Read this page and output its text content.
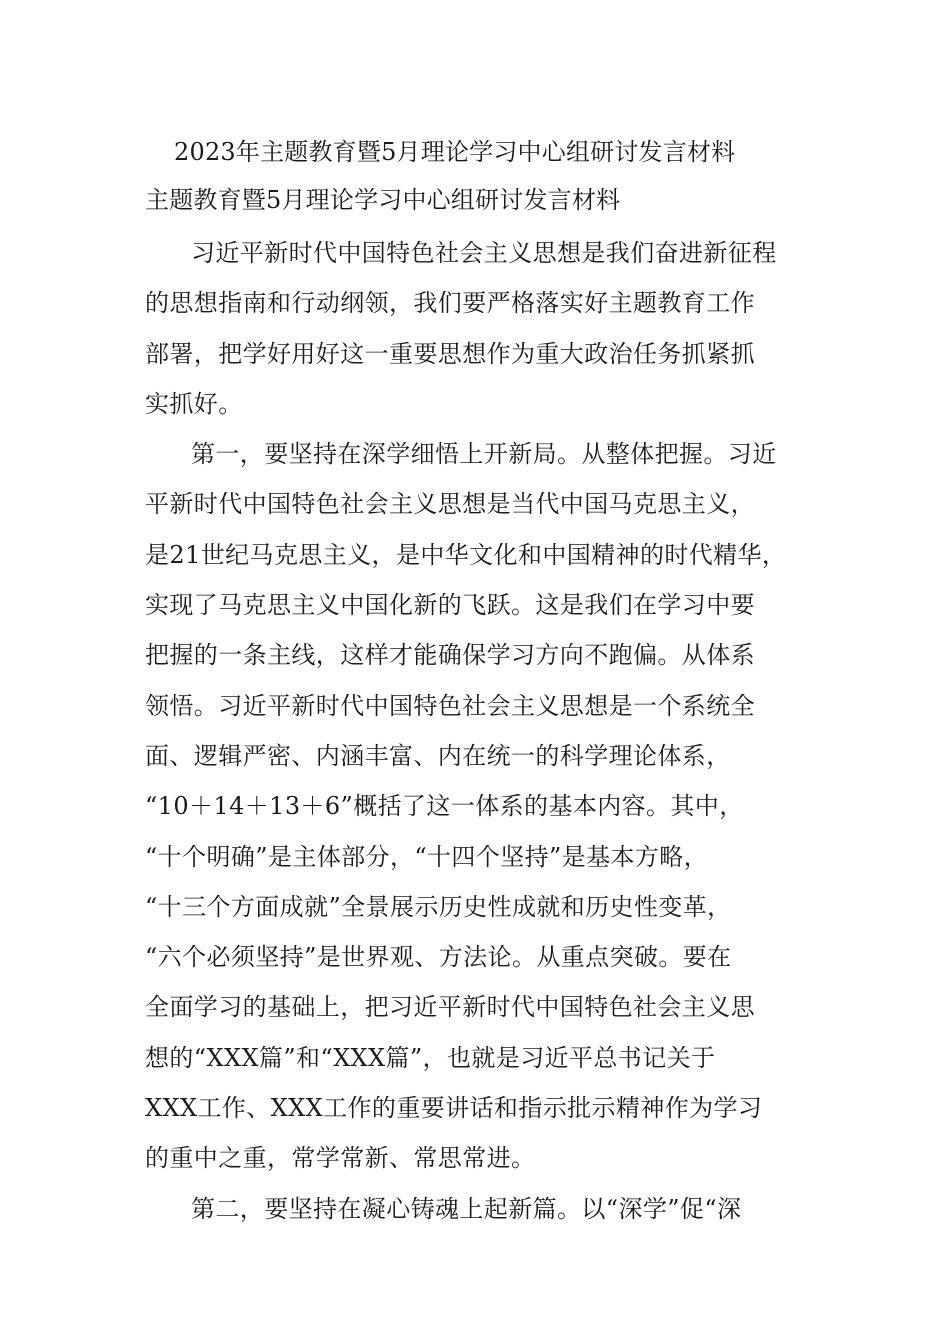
2023年主题教育暨5月理论学习中心组研讨发言材料
主题教育暨5月理论学习中心组研讨发言材料
习近平新时代中国特色社会主义思想是我们奋进新征程
的思想指南和行动纲领，我们要严格落实好主题教育工作
部署，把学好用好这一重要思想作为重大政治任务抓紧抓
实抓好。
第一，要坚持在深学细悟上开新局。从整体把握。习近
平新时代中国特色社会主义思想是当代中国马克思主义，
是21世纪马克思主义，是中华文化和中国精神的时代精华，
实现了马克思主义中国化新的飞跃。这是我们在学习中要
把握的一条主线，这样才能确保学习方向不跑偏。从体系
领悟。习近平新时代中国特色社会主义思想是一个系统全
面、逻辑严密、内涵丰富、内在统一的科学理论体系，
“10＋14＋13＋6”概括了这一体系的基本内容。其中，
“十个明确”是主体部分，“十四个坚持”是基本方略，
“十三个方面成就”全景展示历史性成就和历史性变革，
“六个必须坚持”是世界观、方法论。从重点突破。要在
全面学习的基础上，把习近平新时代中国特色社会主义思
想的“XXX篇”和“XXX篇”，也就是习近平总书记关于
XXX工作、XXX工作的重要讲话和指示批示精神作为学习
的重中之重，常学常新、常思常进。
第二，要坚持在凝心铸魂上起新篇。以“深学”促“深
